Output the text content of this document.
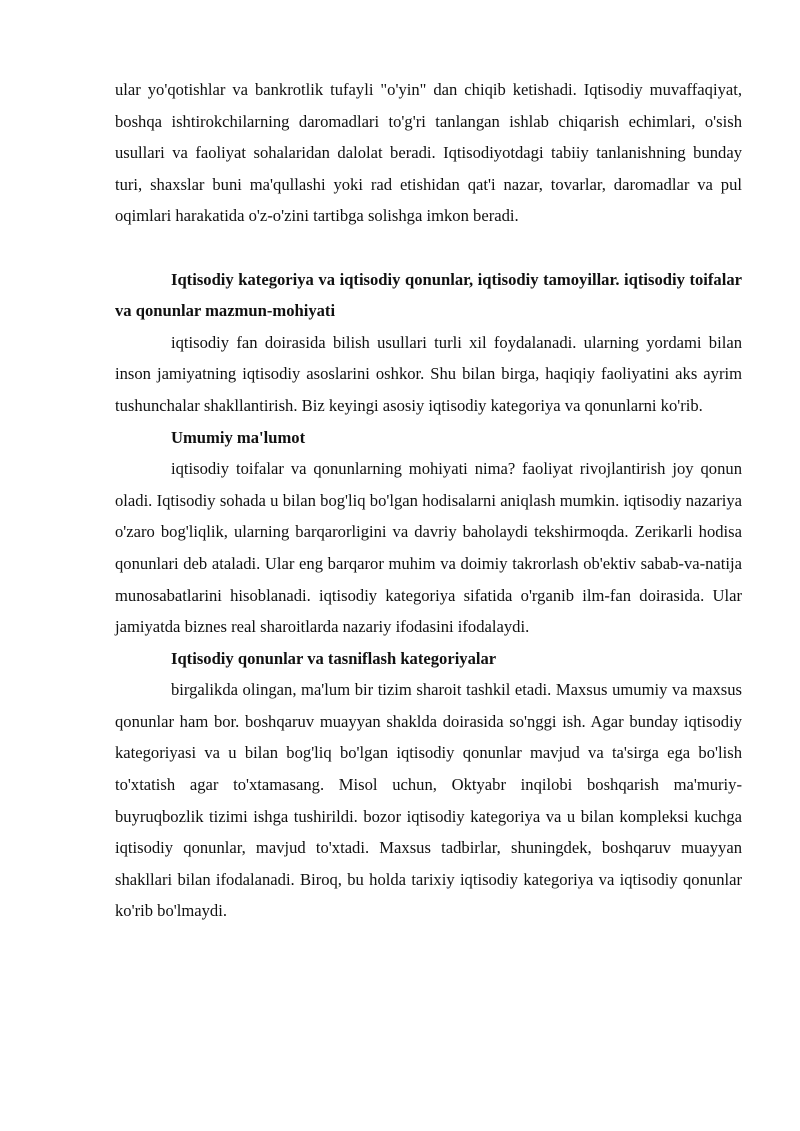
ular yo'qotishlar va bankrotlik tufayli "o'yin" dan chiqib ketishadi. Iqtisodiy muvaffaqiyat, boshqa ishtirokchilarning daromadlari to'g'ri tanlangan ishlab chiqarish echimlari, o'sish usullari va faoliyat sohalaridan dalolat beradi. Iqtisodiyotdagi tabiiy tanlanishning bunday turi, shaxslar buni ma'qullashi yoki rad etishidan qat'i nazar, tovarlar, daromadlar va pul oqimlari harakatida o'z-o'zini tartibga solishga imkon beradi.

Iqtisodiy kategoriya va iqtisodiy qonunlar, iqtisodiy tamoyillar. iqtisodiy toifalar va qonunlar mazmun-mohiyati

iqtisodiy fan doirasida bilish usullari turli xil foydalanadi. ularning yordami bilan inson jamiyatning iqtisodiy asoslarini oshkor. Shu bilan birga, haqiqiy faoliyatini aks ayrim tushunchalar shakllantirish. Biz keyingi asosiy iqtisodiy kategoriya va qonunlarni ko'rib.

Umumiy ma'lumot

iqtisodiy toifalar va qonunlarning mohiyati nima? faoliyat rivojlantirish joy qonun oladi. Iqtisodiy sohada u bilan bog'liq bo'lgan hodisalarni aniqlash mumkin. iqtisodiy nazariya o'zaro bog'liqlik, ularning barqarorligini va davriy baholaydi tekshirmoqda. Zerikarli hodisa qonunlari deb ataladi. Ular eng barqaror muhim va doimiy takrorlash ob'ektiv sabab-va-natija munosabatlarini hisoblanadi. iqtisodiy kategoriya sifatida o'rganib ilm-fan doirasida. Ular jamiyatda biznes real sharoitlarda nazariy ifodasini ifodalaydi.

Iqtisodiy qonunlar va tasniflash kategoriyalar

birgalikda olingan, ma'lum bir tizim sharoit tashkil etadi. Maxsus umumiy va maxsus qonunlar ham bor. boshqaruv muayyan shaklda doirasida so'nggi ish. Agar bunday iqtisodiy kategoriyasi va u bilan bog'liq bo'lgan iqtisodiy qonunlar mavjud va ta'sirga ega bo'lish to'xtatish agar to'xtamasang. Misol uchun, Oktyabr inqilobi boshqarish ma'muriy-buyruqbozlik tizimi ishga tushirildi. bozor iqtisodiy kategoriya va u bilan kompleksi kuchga iqtisodiy qonunlar, mavjud to'xtadi. Maxsus tadbirlar, shuningdek, boshqaruv muayyan shakllari bilan ifodalanadi. Biroq, bu holda tarixiy iqtisodiy kategoriya va iqtisodiy qonunlar ko'rib bo'lmaydi.
